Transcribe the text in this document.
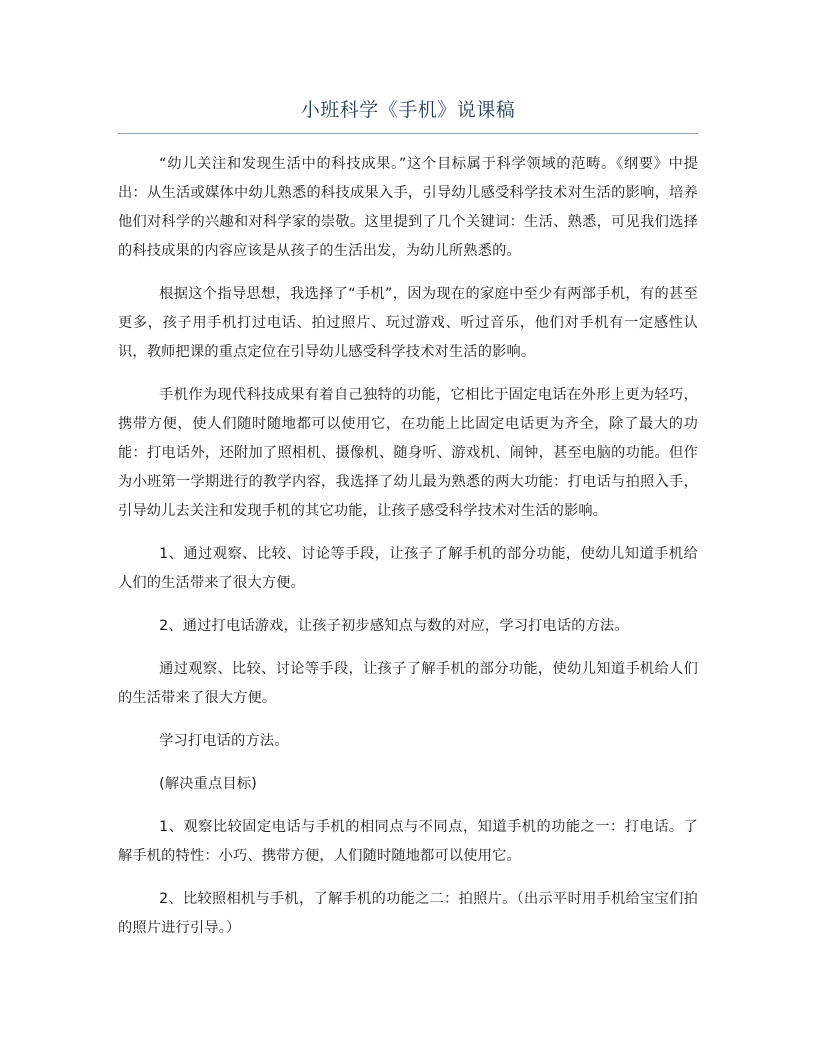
小班科学《手机》说课稿

“幼儿关注和发现生活中的科技成果。”这个目标属于科学领域的范畴。《纲要》中提出：从生活或媒体中幼儿熟悉的科技成果入手，引导幼儿感受科学技术对生活的影响，培养他们对科学的兴趣和对科学家的崇敬。这里提到了几个关键词：生活、熟悉，可见我们选择的科技成果的内容应该是从孩子的生活出发，为幼儿所熟悉的。

根据这个指导思想，我选择了“手机”，因为现在的家庭中至少有两部手机，有的甚至更多，孩子用手机打过电话、拍过照片、玩过游戏、听过音乐，他们对手机有一定感性认识，教师把课的重点定位在引导幼儿感受科学技术对生活的影响。

手机作为现代科技成果有着自己独特的功能，它相比于固定电话在外形上更为轻巧，携带方便，使人们随时随地都可以使用它，在功能上比固定电话更为齐全，除了最大的功能：打电话外，还附加了照相机、摄像机、随身听、游戏机、闹钟，甚至电脑的功能。但作为小班第一学期进行的教学内容，我选择了幼儿最为熟悉的两大功能：打电话与拍照入手，引导幼儿去关注和发现手机的其它功能，让孩子感受科学技术对生活的影响。

1、通过观察、比较、讨论等手段，让孩子了解手机的部分功能，使幼儿知道手机给人们的生活带来了很大方便。

2、通过打电话游戏，让孩子初步感知点与数的对应，学习打电话的方法。

通过观察、比较、讨论等手段，让孩子了解手机的部分功能，使幼儿知道手机给人们的生活带来了很大方便。

学习打电话的方法。

(解决重点目标)

1、观察比较固定电话与手机的相同点与不同点，知道手机的功能之一：打电话。了解手机的特性：小巧、携带方便，人们随时随地都可以使用它。

2、比较照相机与手机，了解手机的功能之二：拍照片。（出示平时用手机给宝宝们拍的照片进行引导。）
